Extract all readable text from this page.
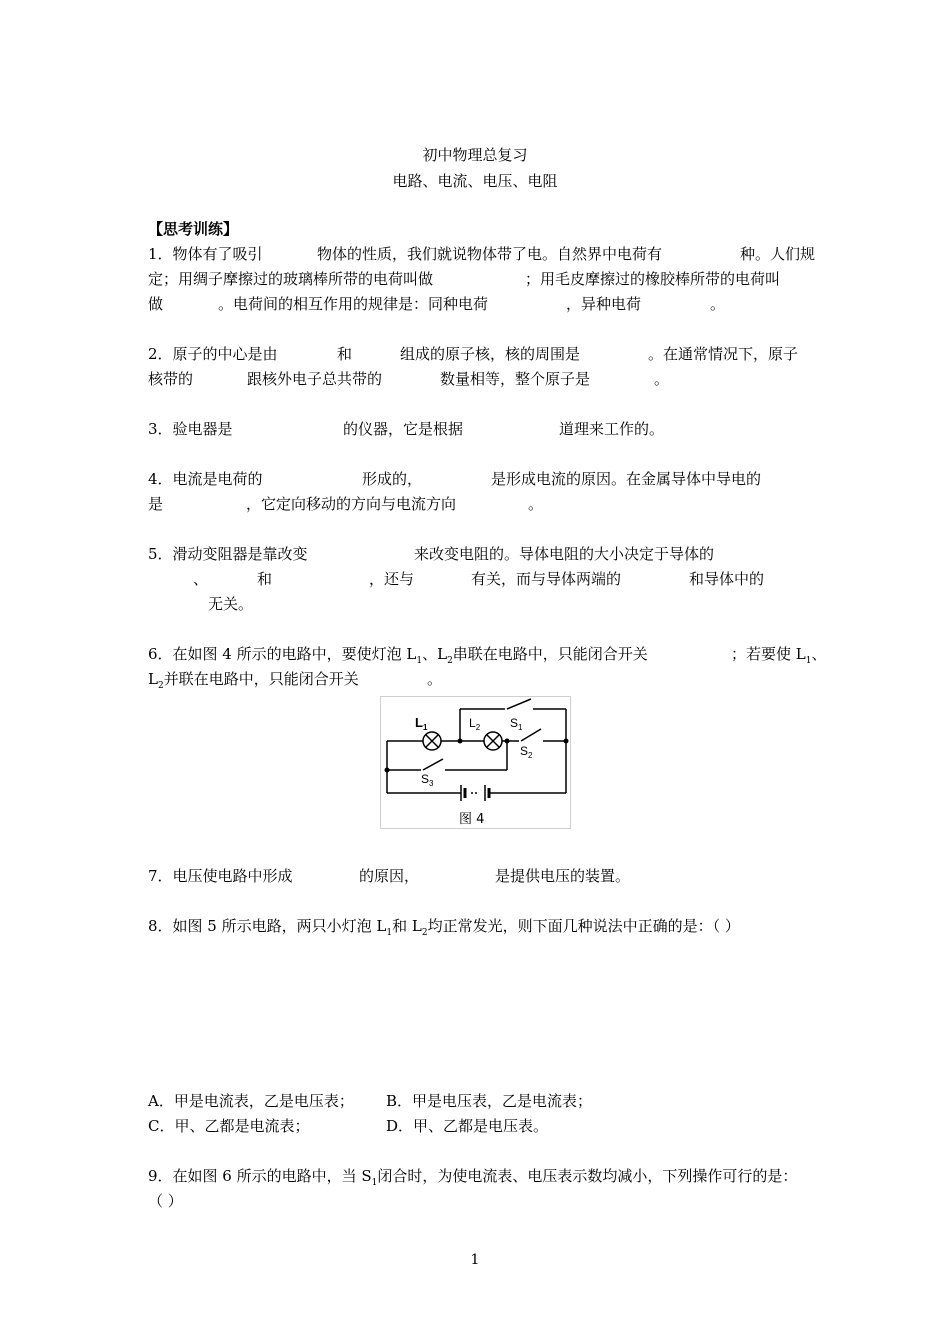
初中物理总复习
电路、电流、电压、电阻
【思考训练】
1．物体有了吸引	物体的性质，我们就说物体带了电。自然界中电荷有	种。人们规
定；用绸子摩擦过的玻璃棒所带的电荷叫做	；用毛皮摩擦过的橡胶棒所带的电荷叫
做	。电荷间的相互作用的规律是：同种电荷	，异种电荷	。
2．原子的中心是由	和	组成的原子核，核的周围是	。在通常情况下，原子
核带的	跟核外电子总共带的	数量相等，整个原子是	。
3．验电器是	的仪器，它是根据	道理来工作的。
4．电流是电荷的	形成的，	是形成电流的原因。在金属导体中导电的
是	，它定向移动的方向与电流方向	。
5．滑动变阻器是靠改变	来改变电阻的。导体电阻的大小决定于导体的
、	和	，还与	有关，而与导体两端的	和导体中的
无关。
6．在如图 4 所示的电路中，要使灯泡 $L_1$、$L_2$串联在电路中，只能闭合开关	；若要使 $L_1$、
$L_2$并联在电路中，只能闭合开关	。
$L_1$	$L_2$ $S_1$
$S_2$
$S_3$
图 4
7．电压使电路中形成	的原因，	是提供电压的装置。
8．如图 5 所示电路，两只小灯泡 $L_1$和 $L_2$均正常发光，则下面几种说法中正确的是：（ ）
A．甲是电流表，乙是电压表； B．甲是电压表，乙是电流表；
C．甲、乙都是电流表；	D．甲、乙都是电压表。
9．在如图 6 所示的电路中，当 $S_1$闭合时，为使电流表、电压表示数均减小，下列操作可行的是：
（ ）
1
